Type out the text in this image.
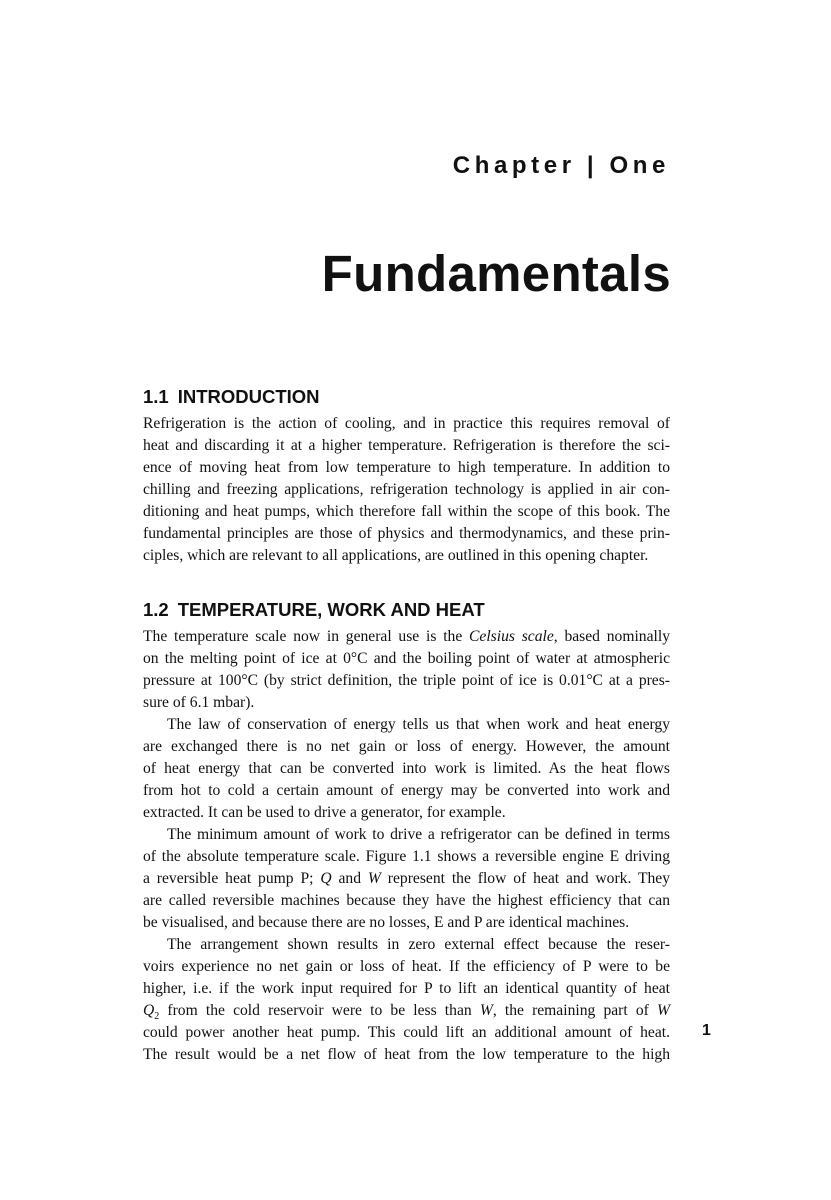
Chapter | One
Fundamentals
1.1 INTRODUCTION
Refrigeration is the action of cooling, and in practice this requires removal of
heat and discarding it at a higher temperature. Refrigeration is therefore the sci-
ence of moving heat from low temperature to high temperature. In addition to
chilling and freezing applications, refrigeration technology is applied in air con-
ditioning and heat pumps, which therefore fall within the scope of this book. The
fundamental principles are those of physics and thermodynamics, and these prin-
ciples, which are relevant to all applications, are outlined in this opening chapter.
1.2 TEMPERATURE, WORK AND HEAT
The temperature scale now in general use is the Celsius scale, based nominally
on the melting point of ice at 0°C and the boiling point of water at atmospheric
pressure at 100°C (by strict definition, the triple point of ice is 0.01°C at a pres-
sure of 6.1 mbar).
The law of conservation of energy tells us that when work and heat energy
are exchanged there is no net gain or loss of energy. However, the amount
of heat energy that can be converted into work is limited. As the heat flows
from hot to cold a certain amount of energy may be converted into work and
extracted. It can be used to drive a generator, for example.
The minimum amount of work to drive a refrigerator can be defined in terms
of the absolute temperature scale. Figure 1.1 shows a reversible engine E driving
a reversible heat pump P; Q and W represent the flow of heat and work. They
are called reversible machines because they have the highest efficiency that can
be visualised, and because there are no losses, E and P are identical machines.
The arrangement shown results in zero external effect because the reser-
voirs experience no net gain or loss of heat. If the efficiency of P were to be
higher, i.e. if the work input required for P to lift an identical quantity of heat
$Q_2$ from the cold reservoir were to be less than W, the remaining part of W
could power another heat pump. This could lift an additional amount of heat.
The result would be a net flow of heat from the low temperature to the high
1
